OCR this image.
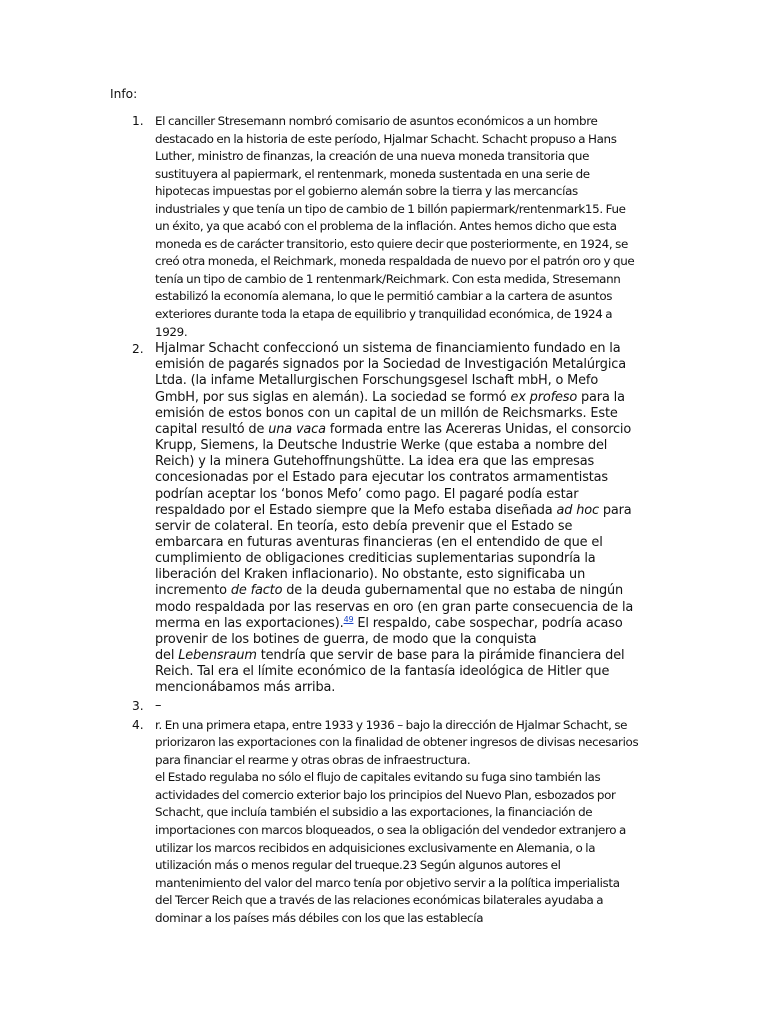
Info:

1. El canciller Stresemann nombró comisario de asuntos económicos a un hombre
destacado en la historia de este período, Hjalmar Schacht. Schacht propuso a Hans
Luther, ministro de finanzas, la creación de una nueva moneda transitoria que
sustituyera al papiermark, el rentenmark, moneda sustentada en una serie de
hipotecas impuestas por el gobierno alemán sobre la tierra y las mercancías
industriales y que tenía un tipo de cambio de 1 billón papiermark/rentenmark15. Fue
un éxito, ya que acabó con el problema de la inflación. Antes hemos dicho que esta
moneda es de carácter transitorio, esto quiere decir que posteriormente, en 1924, se
creó otra moneda, el Reichmark, moneda respaldada de nuevo por el patrón oro y que
tenía un tipo de cambio de 1 rentenmark/Reichmark. Con esta medida, Stresemann
estabilizó la economía alemana, lo que le permitió cambiar a la cartera de asuntos
exteriores durante toda la etapa de equilibrio y tranquilidad económica, de 1924 a
1929.
2. Hjalmar Schacht confeccionó un sistema de financiamiento fundado en la
emisión de pagarés signados por la Sociedad de Investigación Metalúrgica
Ltda. (la infame Metallurgischen Forschungsgesel Ischaft mbH, o Mefo
GmbH, por sus siglas en alemán). La sociedad se formó ex profeso para la
emisión de estos bonos con un capital de un millón de Reichsmarks. Este
capital resultó de una vaca formada entre las Acereras Unidas, el consorcio
Krupp, Siemens, la Deutsche Industrie Werke (que estaba a nombre del
Reich) y la minera Gutehoffnungshütte. La idea era que las empresas
concesionadas por el Estado para ejecutar los contratos armamentistas
podrían aceptar los ‘bonos Mefo’ como pago. El pagaré podía estar
respaldado por el Estado siempre que la Mefo estaba diseñada ad hoc para
servir de colateral. En teoría, esto debía prevenir que el Estado se
embarcara en futuras aventuras financieras (en el entendido de que el
cumplimiento de obligaciones crediticias suplementarias supondría la
liberación del Kraken inflacionario). No obstante, esto significaba un
incremento de facto de la deuda gubernamental que no estaba de ningún
modo respaldada por las reservas en oro (en gran parte consecuencia de la
merma en las exportaciones).$^{49}$ El respaldo, cabe sospechar, podría acaso
provenir de los botines de guerra, de modo que la conquista
del Lebensraum tendría que servir de base para la pirámide financiera del
Reich. Tal era el límite económico de la fantasía ideológica de Hitler que
mencionábamos más arriba.
3. –
4. r. En una primera etapa, entre 1933 y 1936 – bajo la dirección de Hjalmar Schacht, se
priorizaron las exportaciones con la finalidad de obtener ingresos de divisas necesarios
para financiar el rearme y otras obras de infraestructura.
el Estado regulaba no sólo el flujo de capitales evitando su fuga sino también las
actividades del comercio exterior bajo los principios del Nuevo Plan, esbozados por
Schacht, que incluía también el subsidio a las exportaciones, la financiación de
importaciones con marcos bloqueados, o sea la obligación del vendedor extranjero a
utilizar los marcos recibidos en adquisiciones exclusivamente en Alemania, o la
utilización más o menos regular del trueque.23 Según algunos autores el
mantenimiento del valor del marco tenía por objetivo servir a la política imperialista
del Tercer Reich que a través de las relaciones económicas bilaterales ayudaba a
dominar a los países más débiles con los que las establecía
